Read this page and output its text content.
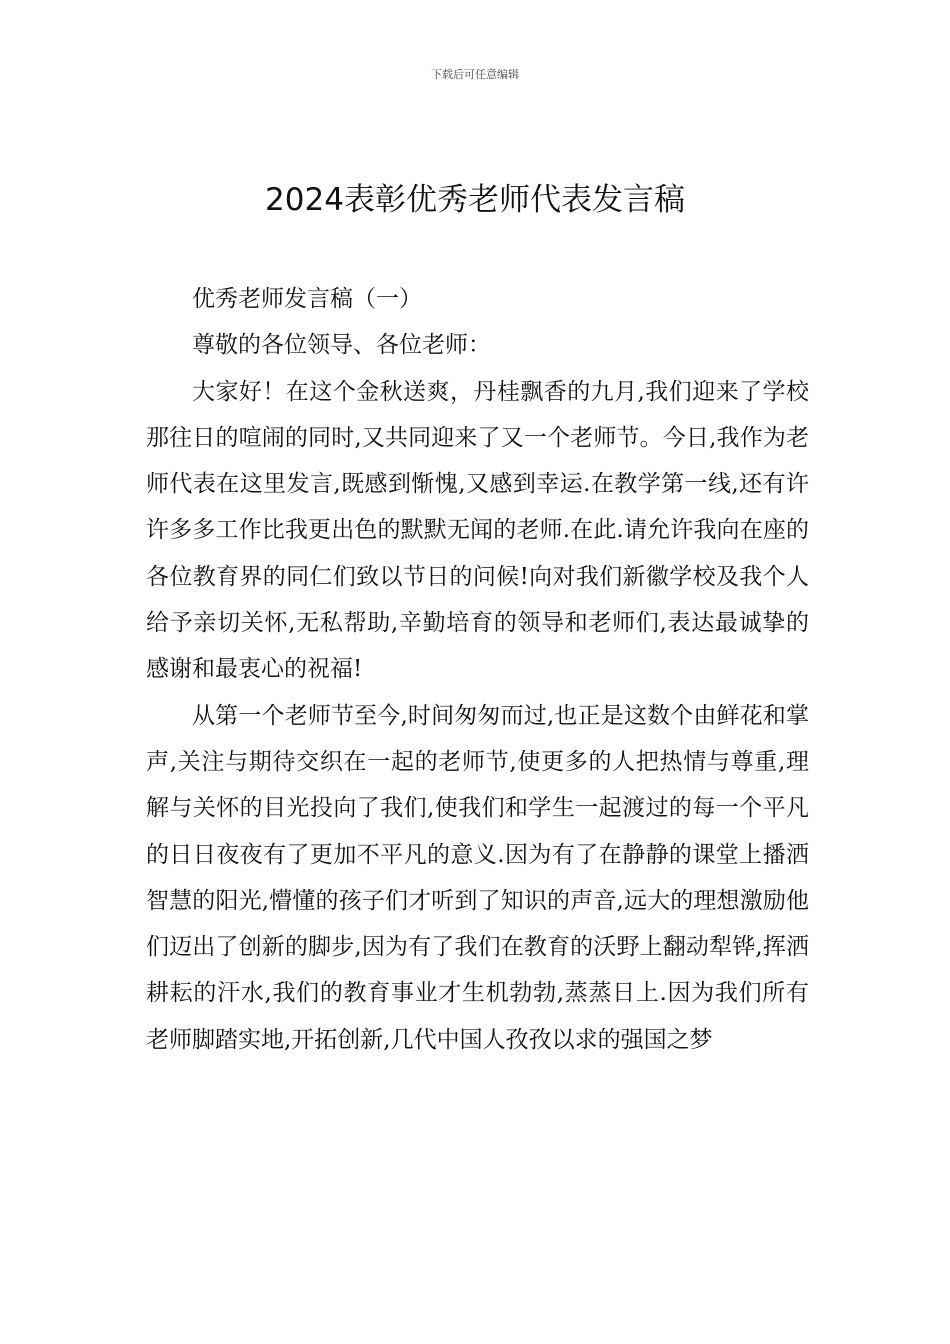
下载后可任意编辑
2024表彰优秀老师代表发言稿

优秀老师发言稿（一）

尊敬的各位领导、各位老师：

大家好！在这个金秋送爽，丹桂飘香的九月,我们迎来了学校那往日的喧闹的同时,又共同迎来了又一个老师节。今日,我作为老师代表在这里发言,既感到惭愧,又感到幸运.在教学第一线,还有许许多多工作比我更出色的默默无闻的老师.在此.请允许我向在座的各位教育界的同仁们致以节日的问候!向对我们新徽学校及我个人给予亲切关怀,无私帮助,辛勤培育的领导和老师们,表达最诚挚的感谢和最衷心的祝福!

从第一个老师节至今,时间匆匆而过,也正是这数个由鲜花和掌声,关注与期待交织在一起的老师节,使更多的人把热情与尊重,理解与关怀的目光投向了我们,使我们和学生一起渡过的每一个平凡的日日夜夜有了更加不平凡的意义.因为有了在静静的课堂上播洒智慧的阳光,懵懂的孩子们才听到了知识的声音,远大的理想激励他们迈出了创新的脚步,因为有了我们在教育的沃野上翻动犁铧,挥洒耕耘的汗水,我们的教育事业才生机勃勃,蒸蒸日上.因为我们所有老师脚踏实地,开拓创新,几代中国人孜孜以求的强国之梦
